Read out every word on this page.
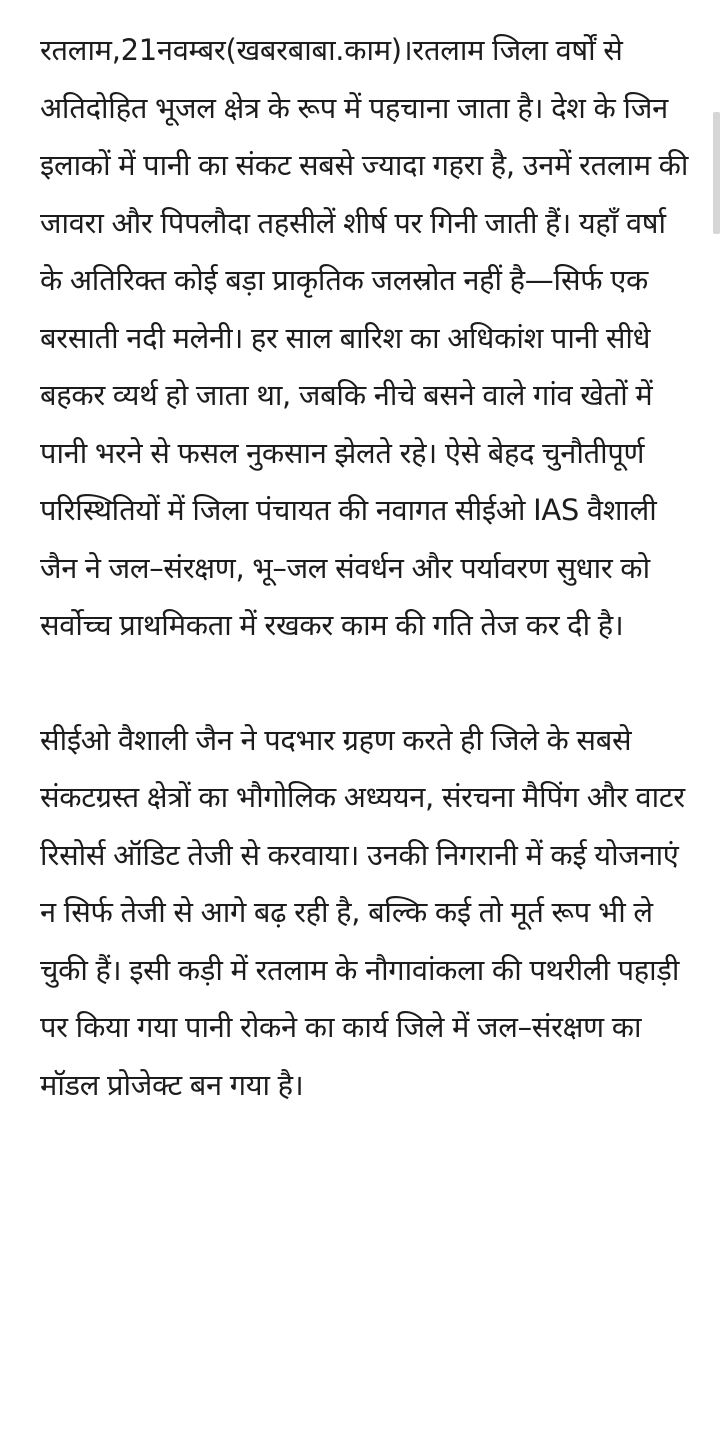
रतलाम,21नवम्बर(खबरबाबा.काम)।रतलाम जिला वर्षों से अतिदोहित भूजल क्षेत्र के रूप में पहचाना जाता है। देश के जिन इलाकों में पानी का संकट सबसे ज्यादा गहरा है, उनमें रतलाम की जावरा और पिपलौदा तहसीलें शीर्ष पर गिनी जाती हैं। यहाँ वर्षा के अतिरिक्त कोई बड़ा प्राकृतिक जलस्रोत नहीं है—सिर्फ एक बरसाती नदी मलेनी। हर साल बारिश का अधिकांश पानी सीधे बहकर व्यर्थ हो जाता था, जबकि नीचे बसने वाले गांव खेतों में पानी भरने से फसल नुकसान झेलते रहे। ऐसे बेहद चुनौतीपूर्ण परिस्थितियों में जिला पंचायत की नवागत सीईओ IAS वैशाली जैन ने जल–संरक्षण, भू–जल संवर्धन और पर्यावरण सुधार को सर्वोच्च प्राथमिकता में रखकर काम की गति तेज कर दी है।

सीईओ वैशाली जैन ने पदभार ग्रहण करते ही जिले के सबसे संकटग्रस्त क्षेत्रों का भौगोलिक अध्ययन, संरचना मैपिंग और वाटर रिसोर्स ऑडिट तेजी से करवाया। उनकी निगरानी में कई योजनाएं न सिर्फ तेजी से आगे बढ़ रही है, बल्कि कई तो मूर्त रूप भी ले चुकी हैं। इसी कड़ी में रतलाम के नौगावांकला की पथरीली पहाड़ी पर किया गया पानी रोकने का कार्य जिले में जल–संरक्षण का मॉडल प्रोजेक्ट बन गया है।
